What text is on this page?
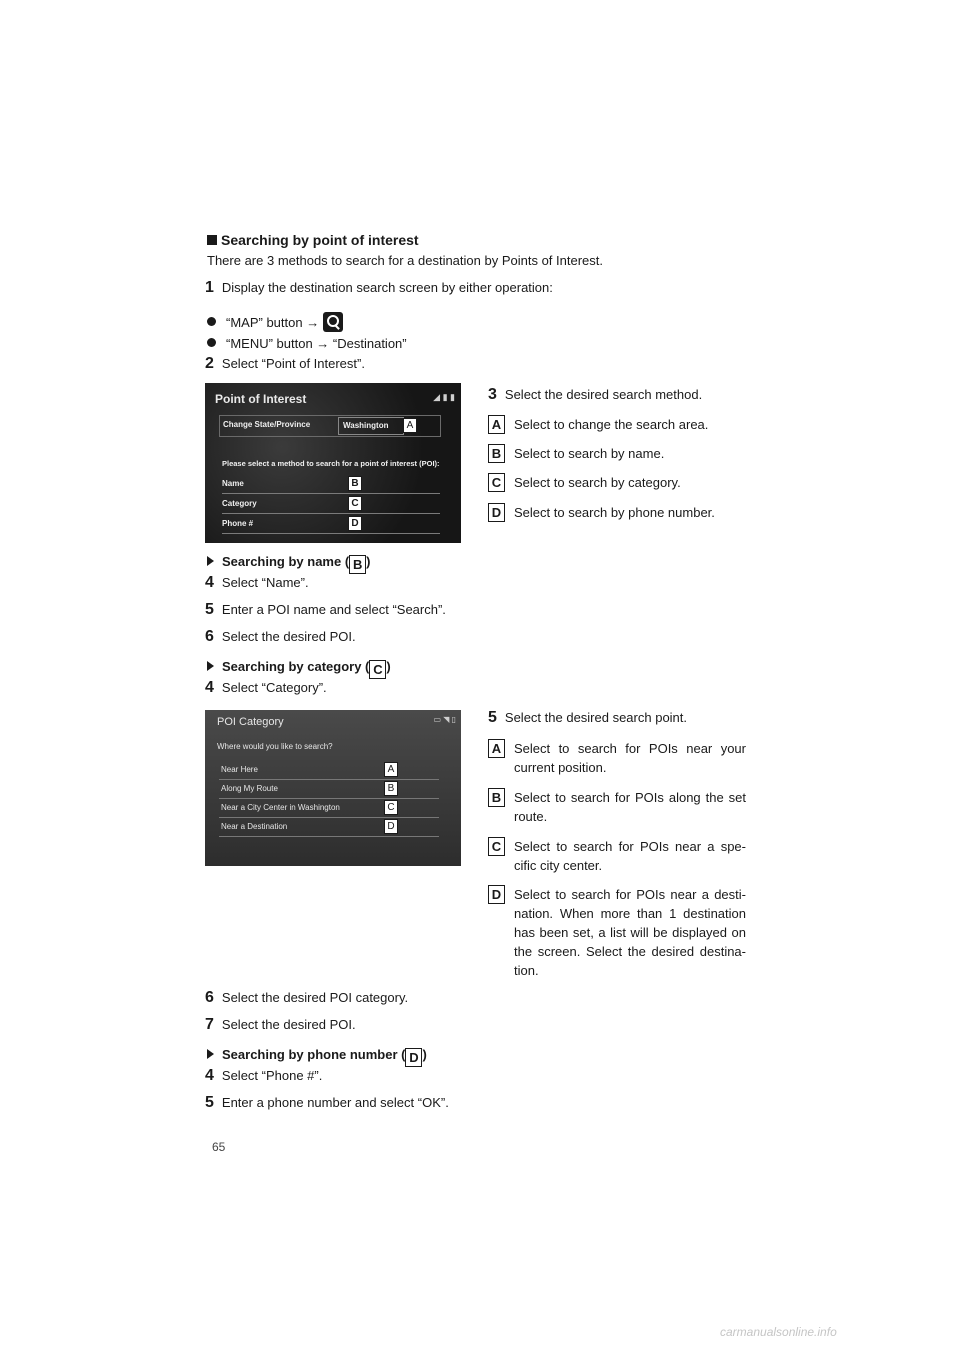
Searching by point of interest
There are 3 methods to search for a destination by Points of Interest.
1 Display the destination search screen by either operation:
“MAP” button →
“MENU” button → “Destination”
2 Select “Point of Interest”.
Point of Interest	◢ ▮ ▮
Change State/Province	Washington	A
Please select a method to search for a point of interest (POI):
Name	B
Category	C
Phone #	D
3 Select the desired search method.
A Select to change the search area.
B Select to search by name.
C Select to search by category.
D Select to search by phone number.
Searching by name ( B )
4 Select “Name”.
5 Enter a POI name and select “Search”.
6 Select the desired POI.
Searching by category ( C )
4 Select “Category”.
POI Category	▭ ◥ ▯
Where would you like to search?
Near Here	A
Along My Route	B
Near a City Center in Washington	C
Near a Destination	D
5 Select the desired search point.
A Select to search for POIs near your current position.
B Select to search for POIs along the set route.
C Select to search for POIs near a spe-cific city center.
D Select to search for POIs near a desti-nation. When more than 1 destination has been set, a list will be displayed on the screen. Select the desired destina-tion.
6 Select the desired POI category.
7 Select the desired POI.
Searching by phone number ( D )
4 Select “Phone #”.
5 Enter a phone number and select “OK”.
65
carmanualsonline.info
